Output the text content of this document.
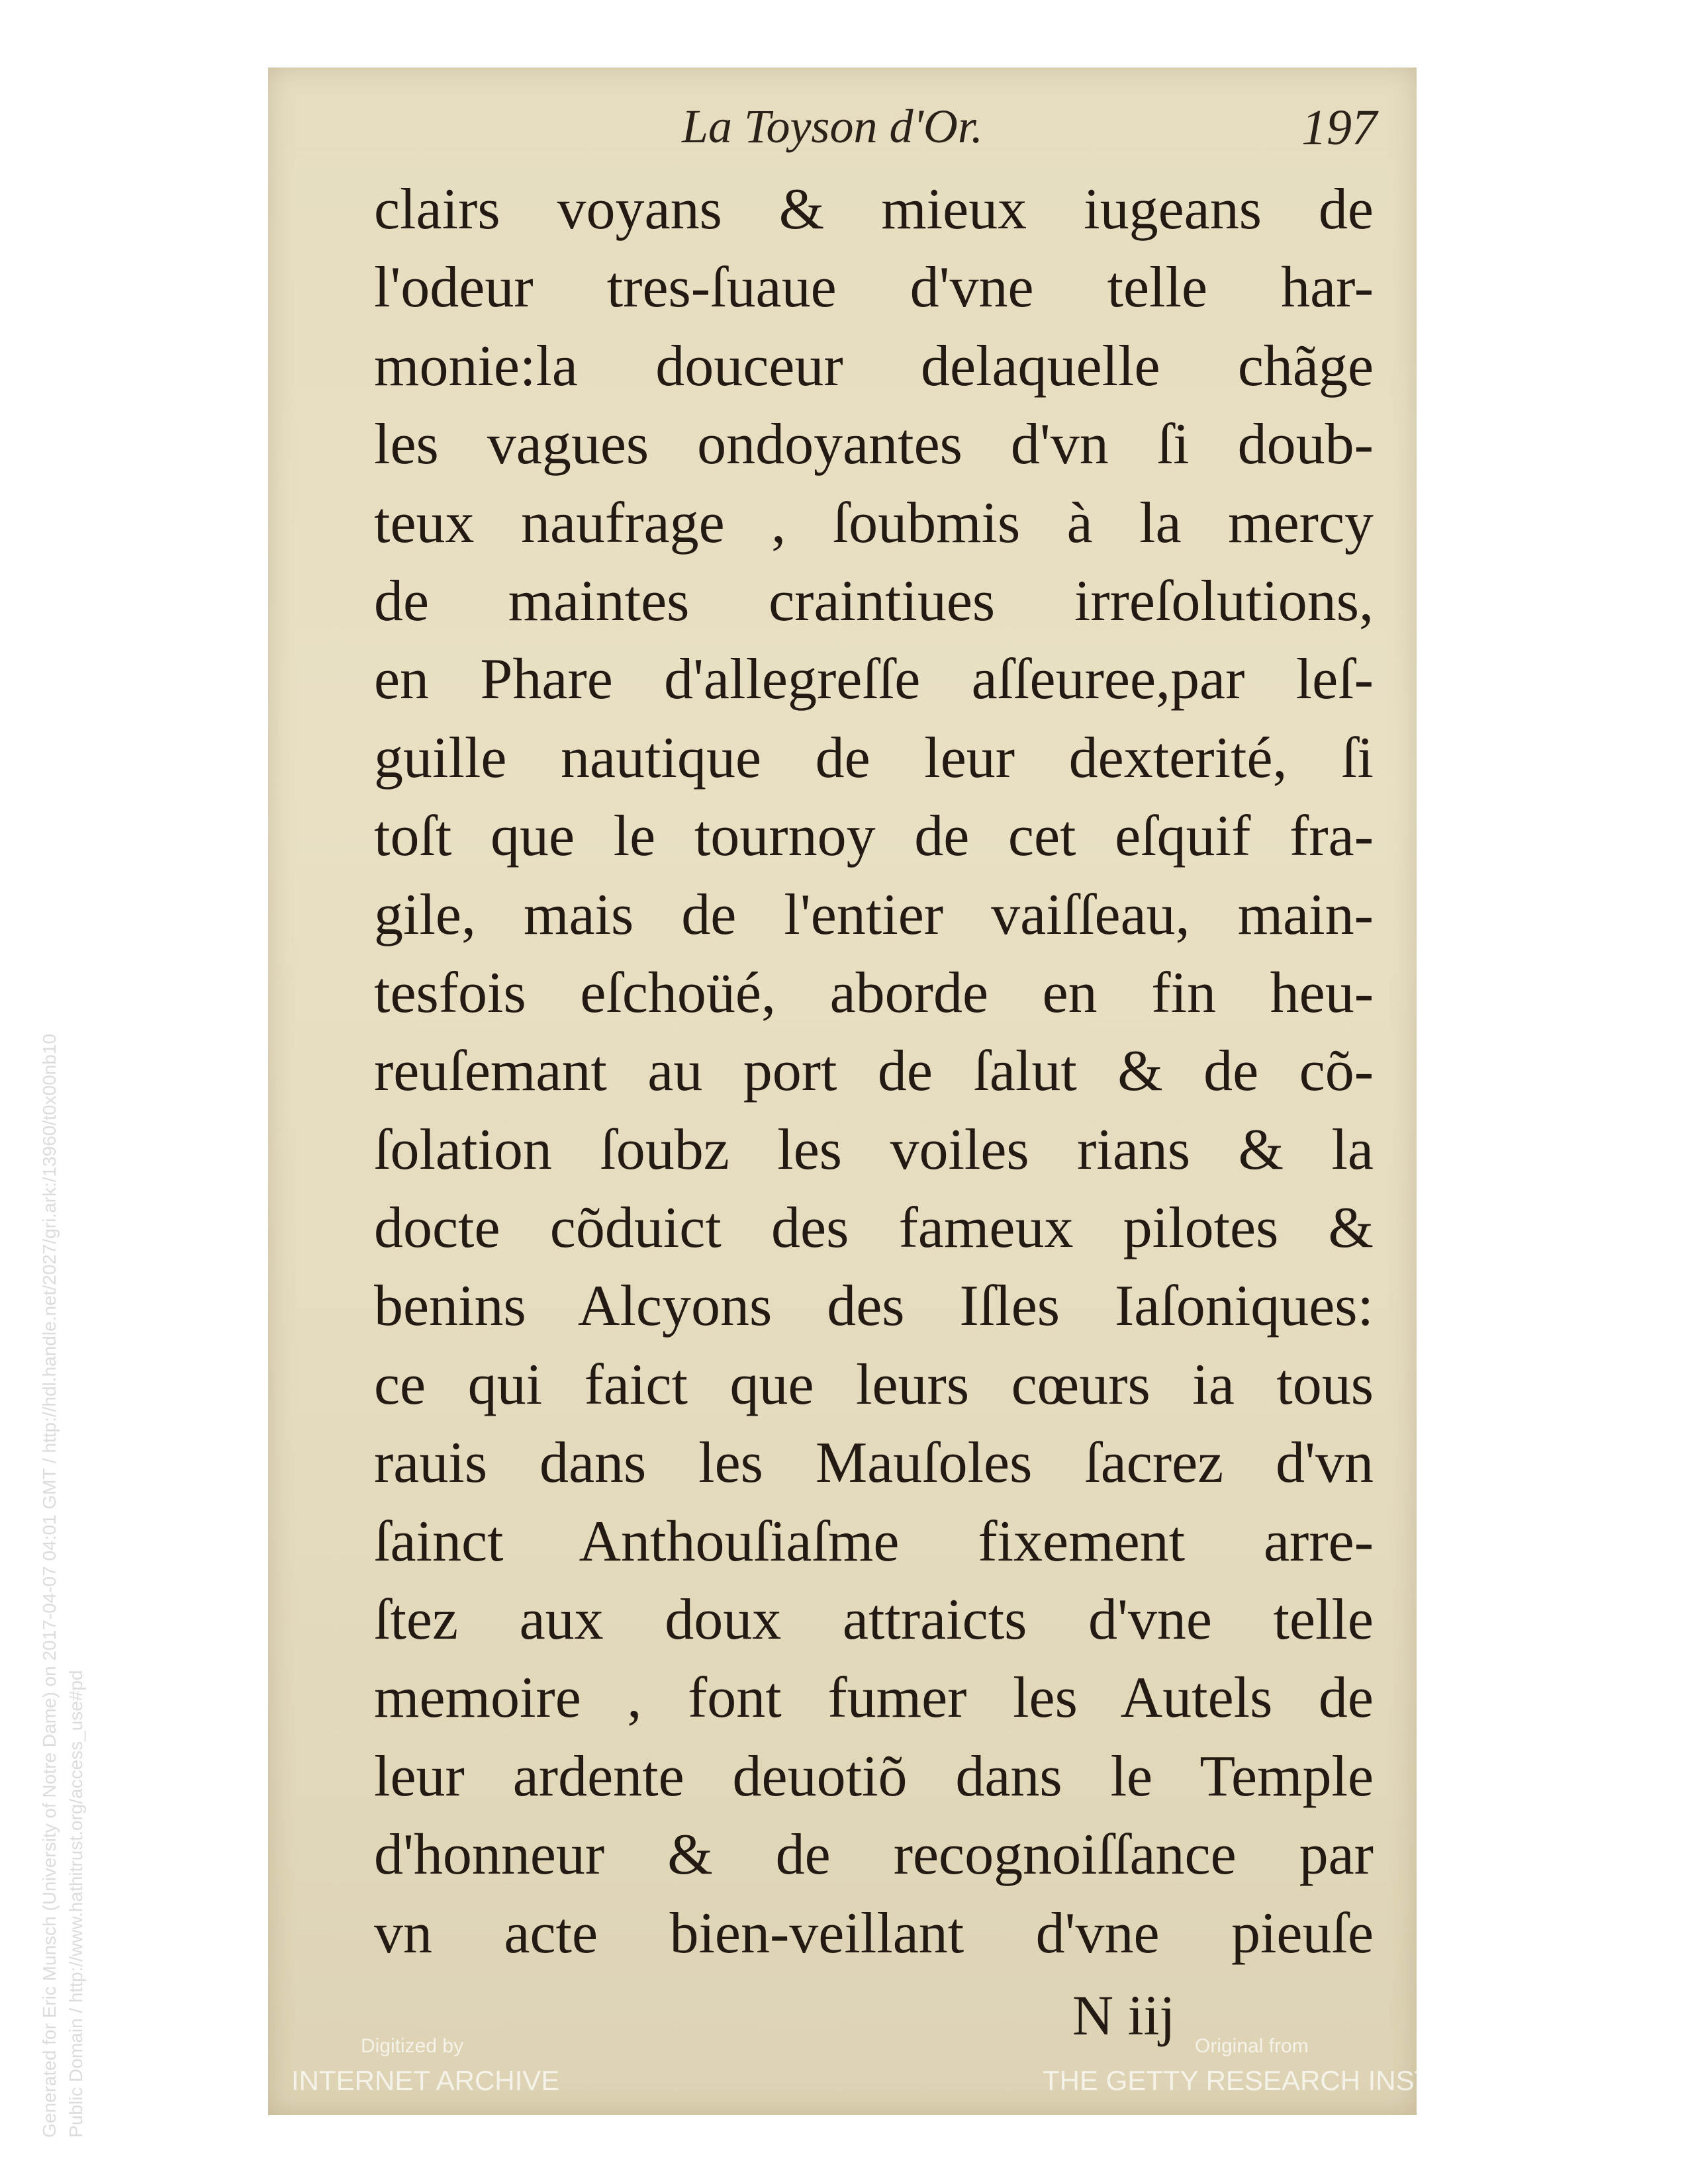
La Toyson d'Or.	197
clairs voyans & mieux iugeans de
l'odeur tres-ſuaue d'vne telle har-
monie:la douceur delaquelle chãge
les vagues ondoyantes d'vn ſi doub-
teux naufrage , ſoubmis à la mercy
de maintes craintiues irreſolutions,
en Phare d'allegreſſe aſſeuree,par leſ-
guille nautique de leur dexterité, ſi
toſt que le tournoy de cet eſquif fra-
gile, mais de l'entier vaiſſeau, main-
tesfois eſchoüé, aborde en fin heu-
reuſemant au port de ſalut & de cõ-
ſolation ſoubz les voiles rians & la
docte cõduict des fameux pilotes &
benins Alcyons des Iſles Iaſoniques:
ce qui faict que leurs cœurs ia tous
rauis dans les Mauſoles ſacrez d'vn
ſainct Anthouſiaſme fixement arre-
ſtez aux doux attraicts d'vne telle
memoire , font fumer les Autels de
leur ardente deuotiõ dans le Temple
d'honneur & de recognoiſſance par
vn acte bien-veillant d'vne pieuſe
N iij
Generated for Eric Munsch (University of Notre Dame) on 2017-04-07 04:01 GMT / http://hdl.handle.net/2027/gri.ark:/13960/t0x00nb10 Public Domain / http://www.hathitrust.org/access_use#pd	Digitized by
INTERNET ARCHIVE
Original from
THE GETTY RESEARCH INSTITUTE
